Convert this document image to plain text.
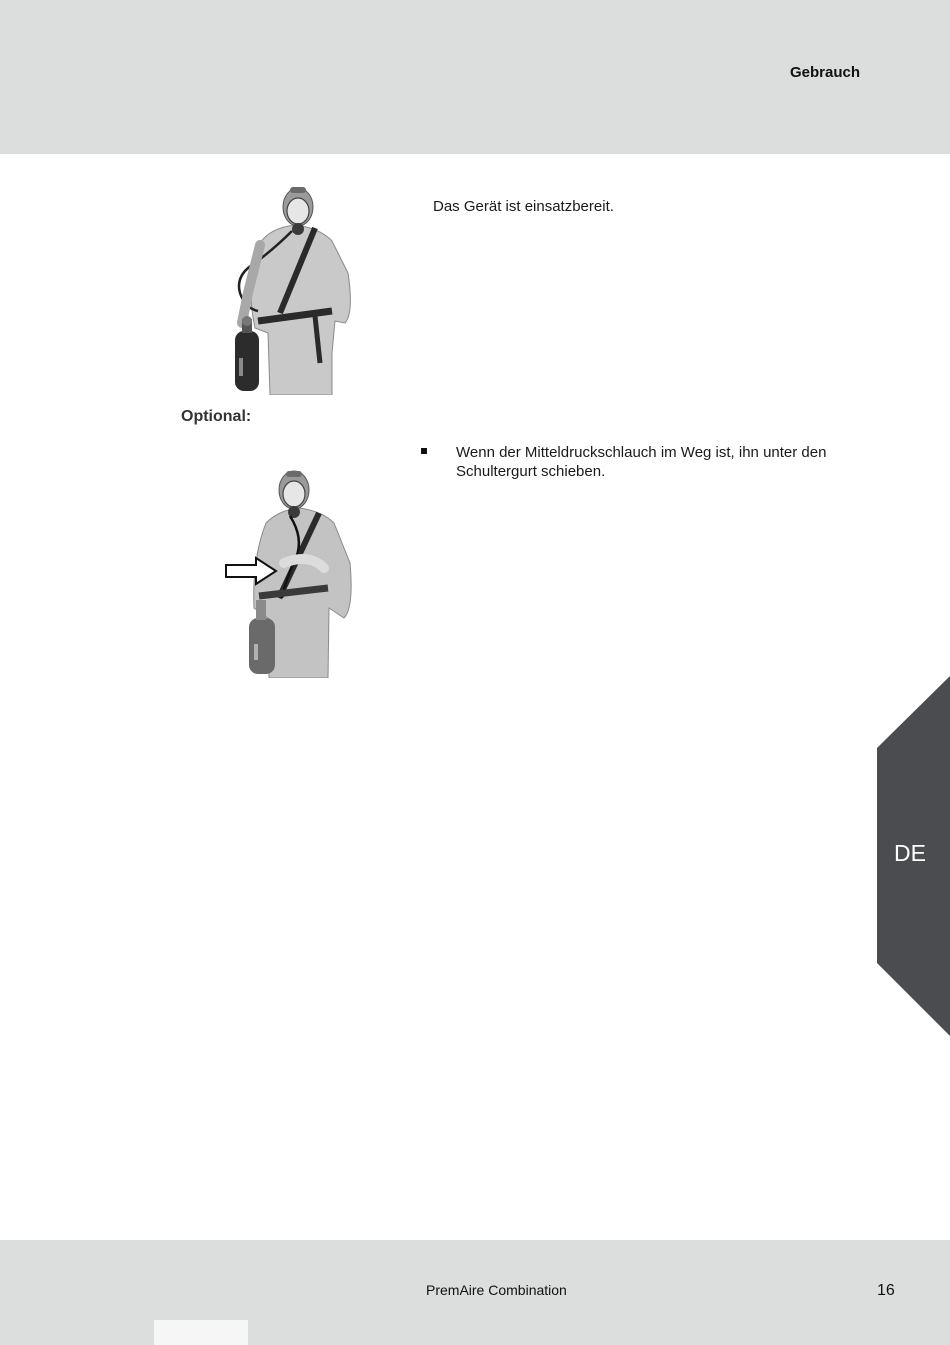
Gebrauch
Das Gerät ist einsatzbereit.
Optional:
Wenn der Mitteldruckschlauch im Weg ist, ihn unter den Schultergurt schieben.
DE
PremAire Combination	16
